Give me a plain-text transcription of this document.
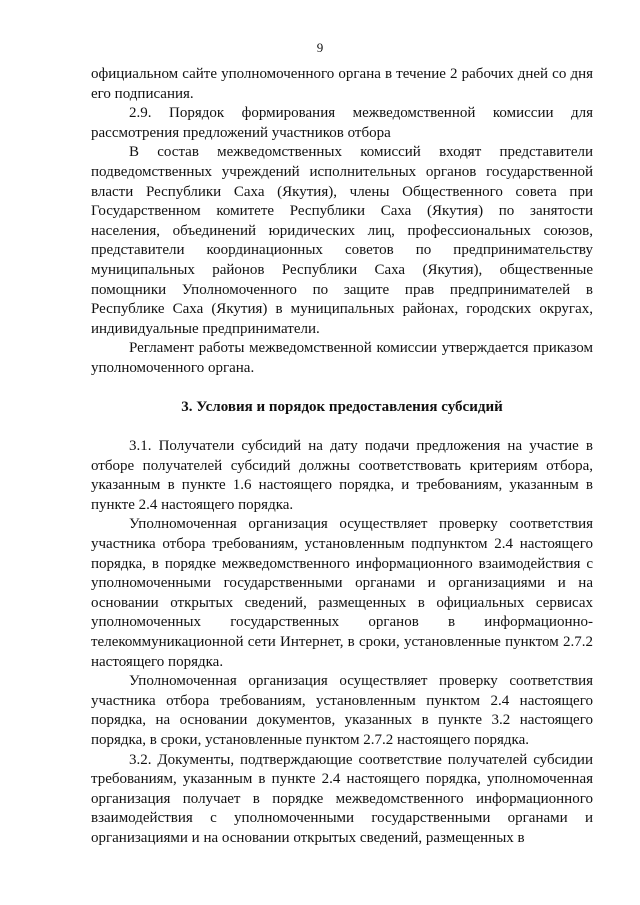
9

официальном сайте уполномоченного органа в течение 2 рабочих дней со дня его подписания.

2.9. Порядок формирования межведомственной комиссии для рассмотрения предложений участников отбора

В состав межведомственных комиссий входят представители подведомственных учреждений исполнительных органов государственной власти Республики Саха (Якутия), члены Общественного совета при Государственном комитете Республики Саха (Якутия) по занятости населения, объединений юридических лиц, профессиональных союзов, представители координационных советов по предпринимательству муниципальных районов Республики Саха (Якутия), общественные помощники Уполномоченного по защите прав предпринимателей в Республике Саха (Якутия) в муниципальных районах, городских округах, индивидуальные предприниматели.

Регламент работы межведомственной комиссии утверждается приказом уполномоченного органа.

3. Условия и порядок предоставления субсидий

3.1. Получатели субсидий на дату подачи предложения на участие в отборе получателей субсидий должны соответствовать критериям отбора, указанным в пункте 1.6 настоящего порядка, и требованиям, указанным в пункте 2.4 настоящего порядка.

Уполномоченная организация осуществляет проверку соответствия участника отбора требованиям, установленным подпунктом 2.4 настоящего порядка, в порядке межведомственного информационного взаимодействия с уполномоченными государственными органами и организациями и на основании открытых сведений, размещенных в официальных сервисах уполномоченных государственных органов в информационно-телекоммуникационной сети Интернет, в сроки, установленные пунктом 2.7.2 настоящего порядка.

Уполномоченная организация осуществляет проверку соответствия участника отбора требованиям, установленным пунктом 2.4 настоящего порядка, на основании документов, указанных в пункте 3.2 настоящего порядка, в сроки, установленные пунктом 2.7.2 настоящего порядка.

3.2. Документы, подтверждающие соответствие получателей субсидии требованиям, указанным в пункте 2.4 настоящего порядка, уполномоченная организация получает в порядке межведомственного информационного взаимодействия с уполномоченными государственными органами и организациями и на основании открытых сведений, размещенных в
